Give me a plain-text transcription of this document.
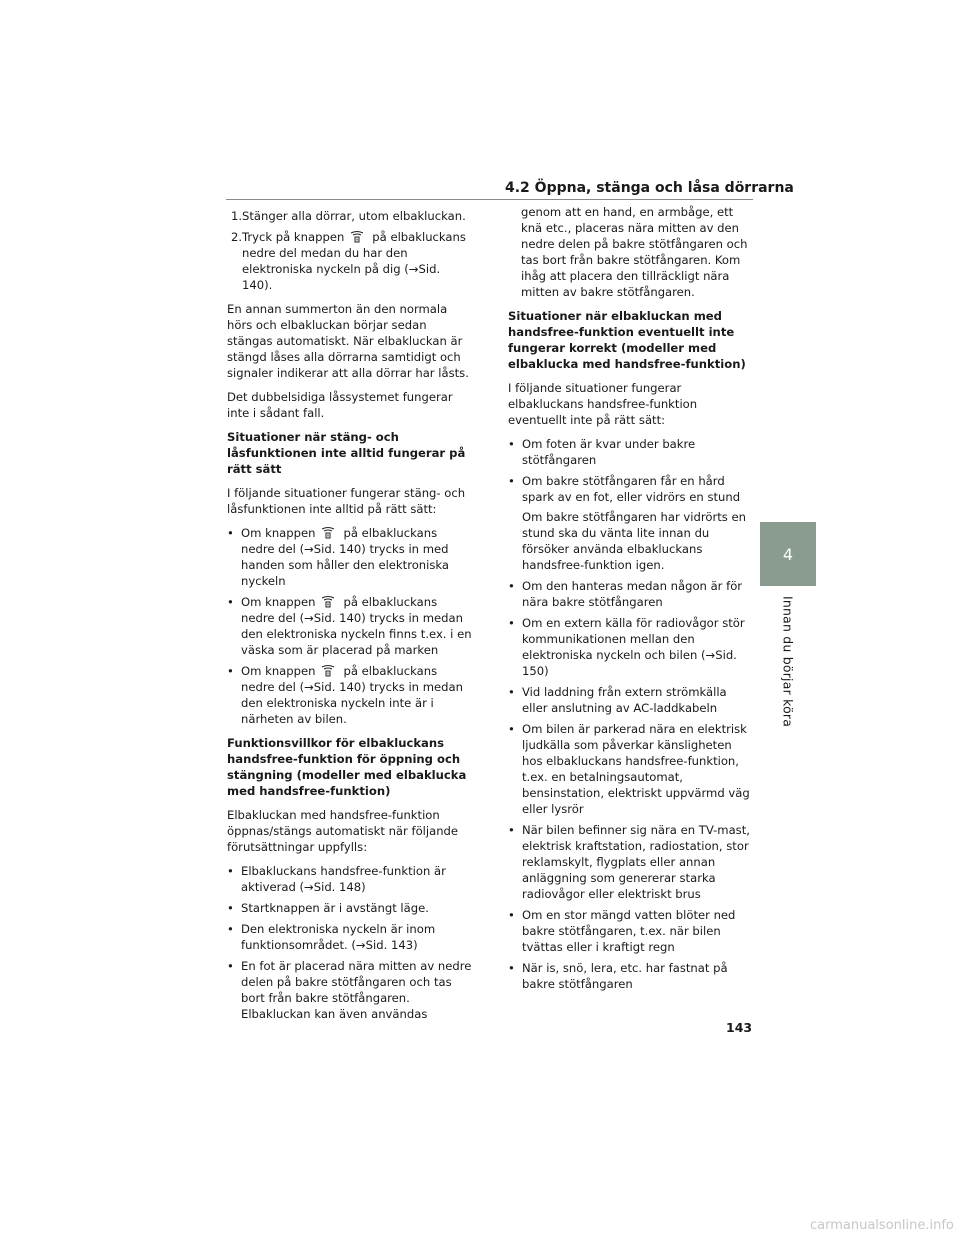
4.2 Öppna, stänga och låsa dörrarna
4
Innan du börjar köra
1. Stänger alla dörrar, utom elbakluckan.
2. Tryck på knappen på elbakluckans nedre del medan du har den elektroniska nyckeln på dig (→Sid. 140).

En annan summerton än den normala hörs och elbakluckan börjar sedan stängas automatiskt. När elbakluckan är stängd låses alla dörrarna samtidigt och signaler indikerar att alla dörrar har låsts.

Det dubbelsidiga låssystemet fungerar inte i sådant fall.

Situationer när stäng- och låsfunktionen inte alltid fungerar på rätt sätt

I följande situationer fungerar stäng- och låsfunktionen inte alltid på rätt sätt:

• Om knappen på elbakluckans nedre del (→Sid. 140) trycks in med handen som håller den elektroniska nyckeln
• Om knappen på elbakluckans nedre del (→Sid. 140) trycks in medan den elektroniska nyckeln finns t.ex. i en väska som är placerad på marken
• Om knappen på elbakluckans nedre del (→Sid. 140) trycks in medan den elektroniska nyckeln inte är i närheten av bilen.

Funktionsvillkor för elbakluckans handsfree-funktion för öppning och stängning (modeller med elbaklucka med handsfree-funktion)

Elbakluckan med handsfree-funktion öppnas/stängs automatiskt när följande förutsättningar uppfylls:

• Elbakluckans handsfree-funktion är aktiverad (→Sid. 148)
• Startknappen är i avstängt läge.
• Den elektroniska nyckeln är inom funktionsområdet. (→Sid. 143)
• En fot är placerad nära mitten av nedre delen på bakre stötfångaren och tas bort från bakre stötfångaren. Elbakluckan kan även användas

genom att en hand, en armbåge, ett knä etc., placeras nära mitten av den nedre delen på bakre stötfångaren och tas bort från bakre stötfångaren. Kom ihåg att placera den tillräckligt nära mitten av bakre stötfångaren.

Situationer när elbakluckan med handsfree-funktion eventuellt inte fungerar korrekt (modeller med elbaklucka med handsfree-funktion)

I följande situationer fungerar elbakluckans handsfree-funktion eventuellt inte på rätt sätt:

• Om foten är kvar under bakre stötfångaren
• Om bakre stötfångaren får en hård spark av en fot, eller vidrörs en stund
Om bakre stötfångaren har vidrörts en stund ska du vänta lite innan du försöker använda elbakluckans handsfree-funktion igen.
• Om den hanteras medan någon är för nära bakre stötfångaren
• Om en extern källa för radiovågor stör kommunikationen mellan den elektroniska nyckeln och bilen (→Sid. 150)
• Vid laddning från extern strömkälla eller anslutning av AC-laddkabeln
• Om bilen är parkerad nära en elektrisk ljudkälla som påverkar känsligheten hos elbakluckans handsfree-funktion, t.ex. en betalningsautomat, bensinstation, elektriskt uppvärmd väg eller lysrör
• När bilen befinner sig nära en TV-mast, elektrisk kraftstation, radiostation, stor reklamskylt, flygplats eller annan anläggning som genererar starka radiovågor eller elektriskt brus
• Om en stor mängd vatten blöter ned bakre stötfångaren, t.ex. när bilen tvättas eller i kraftigt regn
• När is, snö, lera, etc. har fastnat på bakre stötfångaren
143
carmanualsonline.info
